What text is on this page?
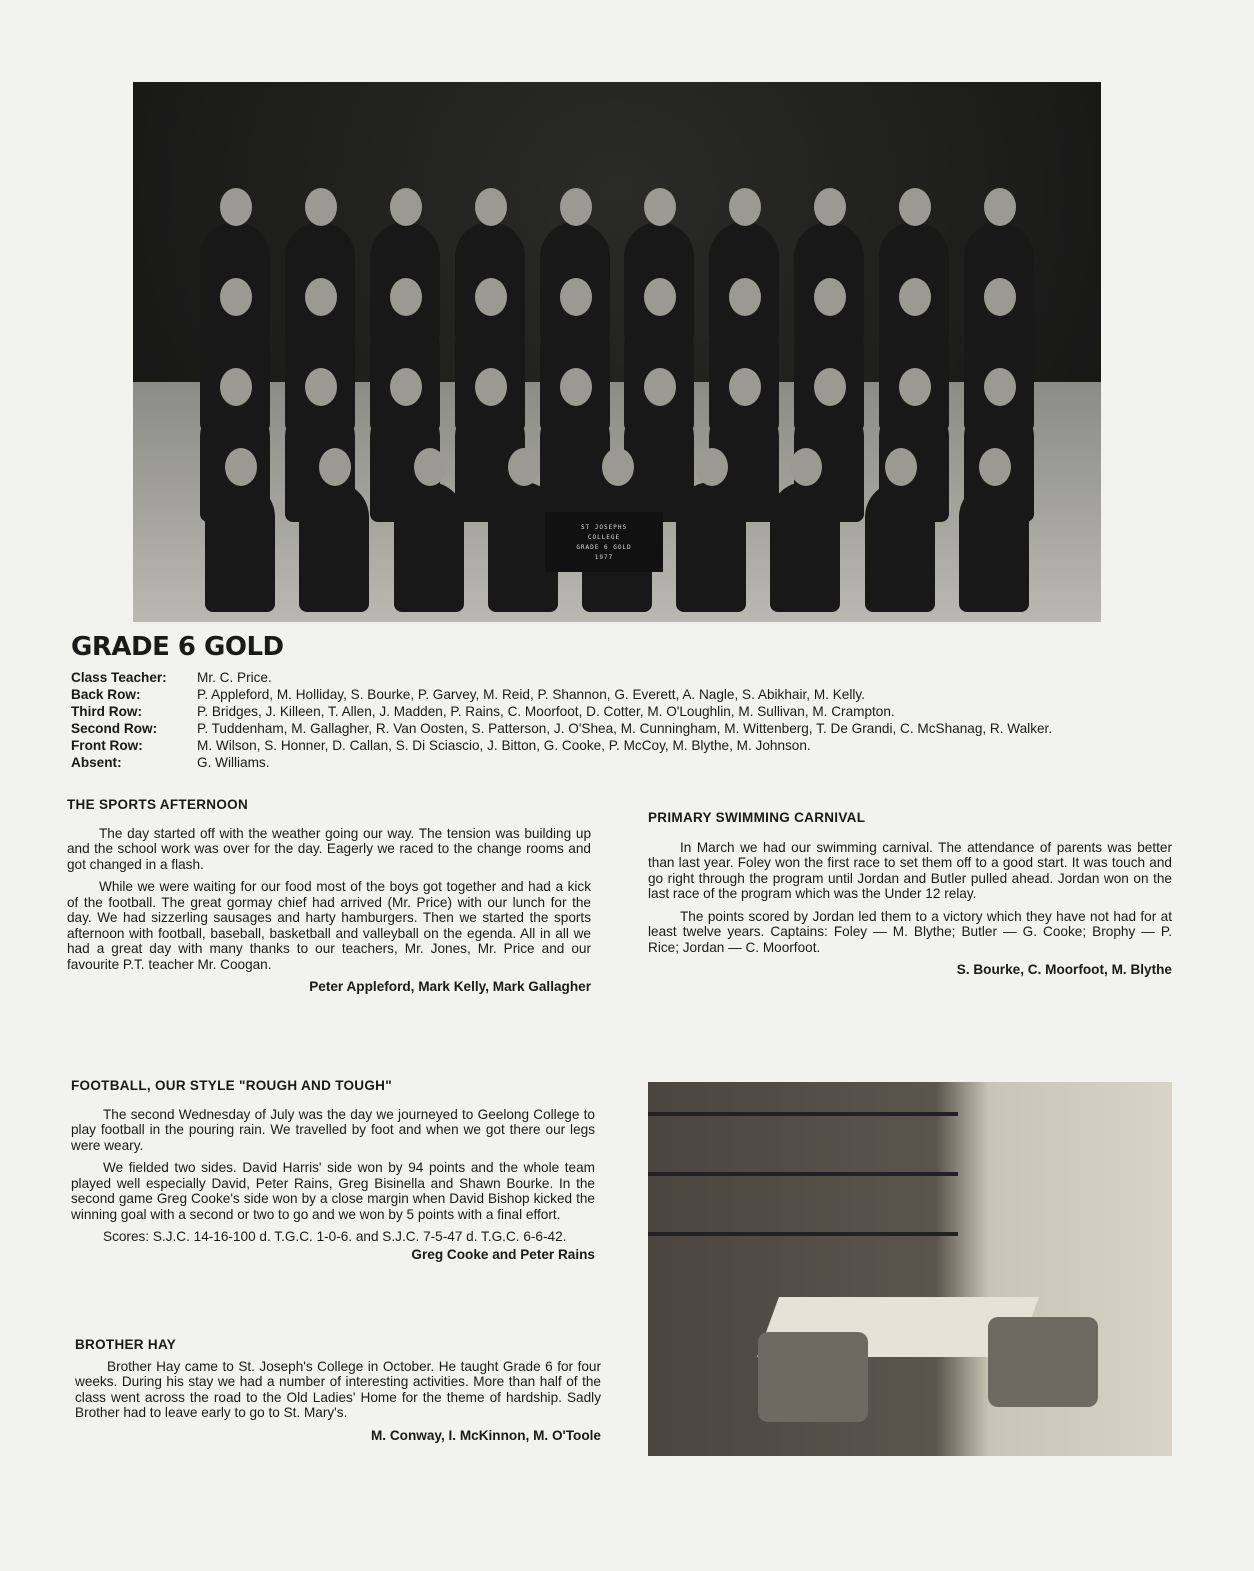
ST JOSEPHS
COLLEGE
GRADE 6 GOLD
1977
GRADE 6 GOLD
Class Teacher:	Mr. C. Price.
Back Row:	P. Appleford, M. Holliday, S. Bourke, P. Garvey, M. Reid, P. Shannon, G. Everett, A. Nagle, S. Abikhair, M. Kelly.
Third Row:	P. Bridges, J. Killeen, T. Allen, J. Madden, P. Rains, C. Moorfoot, D. Cotter, M. O'Loughlin, M. Sullivan, M. Crampton.
Second Row:	P. Tuddenham, M. Gallagher, R. Van Oosten, S. Patterson, J. O'Shea, M. Cunningham, M. Wittenberg, T. De Grandi, C. McShanag, R. Walker.
Front Row:	M. Wilson, S. Honner, D. Callan, S. Di Sciascio, J. Bitton, G. Cooke, P. McCoy, M. Blythe, M. Johnson.
Absent:	G. Williams.
THE SPORTS AFTERNOON

The day started off with the weather going our way. The tension was building up and the school work was over for the day. Eagerly we raced to the change rooms and got changed in a flash.

While we were waiting for our food most of the boys got together and had a kick of the football. The great gormay chief had arrived (Mr. Price) with our lunch for the day. We had sizzerling sausages and harty hamburgers. Then we started the sports afternoon with football, baseball, basketball and valleyball on the egenda. All in all we had a great day with many thanks to our teachers, Mr. Jones, Mr. Price and our favourite P.T. teacher Mr. Coogan.

Peter Appleford, Mark Kelly, Mark Gallagher
FOOTBALL, OUR STYLE "ROUGH AND TOUGH"

The second Wednesday of July was the day we journeyed to Geelong College to play football in the pouring rain. We travelled by foot and when we got there our legs were weary.

We fielded two sides. David Harris' side won by 94 points and the whole team played well especially David, Peter Rains, Greg Bisinella and Shawn Bourke. In the second game Greg Cooke's side won by a close margin when David Bishop kicked the winning goal with a second or two to go and we won by 5 points with a final effort.

Scores: S.J.C. 14-16-100 d. T.G.C. 1-0-6. and S.J.C. 7-5-47 d. T.G.C. 6-6-42.

Greg Cooke and Peter Rains
BROTHER HAY

Brother Hay came to St. Joseph's College in October. He taught Grade 6 for four weeks. During his stay we had a number of interesting activities. More than half of the class went across the road to the Old Ladies' Home for the theme of hardship. Sadly Brother had to leave early to go to St. Mary's.

M. Conway, I. McKinnon, M. O'Toole
PRIMARY SWIMMING CARNIVAL

In March we had our swimming carnival. The attendance of parents was better than last year. Foley won the first race to set them off to a good start. It was touch and go right through the program until Jordan and Butler pulled ahead. Jordan won on the last race of the program which was the Under 12 relay.

The points scored by Jordan led them to a victory which they have not had for at least twelve years. Captains: Foley — M. Blythe; Butler — G. Cooke; Brophy — P. Rice; Jordan — C. Moorfoot.

S. Bourke, C. Moorfoot, M. Blythe
